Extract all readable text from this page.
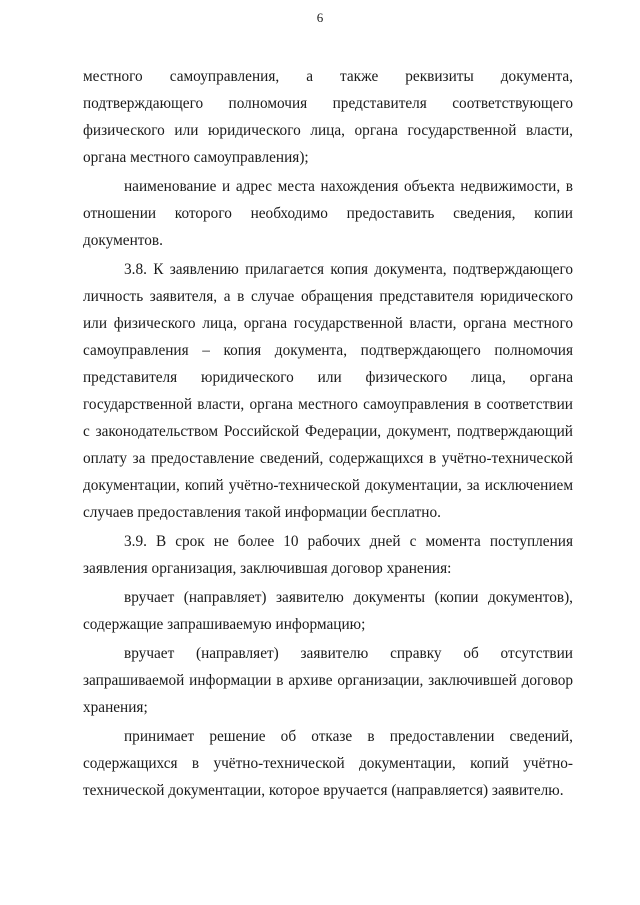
6

местного самоуправления, а также реквизиты документа, подтверждающего полномочия представителя соответствующего физического или юридического лица, органа государственной власти, органа местного самоуправления);

наименование и адрес места нахождения объекта недвижимости, в отношении которого необходимо предоставить сведения, копии документов.

3.8. К заявлению прилагается копия документа, подтверждающего личность заявителя, а в случае обращения представителя юридического или физического лица, органа государственной власти, органа местного самоуправления – копия документа, подтверждающего полномочия представителя юридического или физического лица, органа государственной власти, органа местного самоуправления в соответствии с законодательством Российской Федерации, документ, подтверждающий оплату за предоставление сведений, содержащихся в учётно-технической документации, копий учётно-технической документации, за исключением случаев предоставления такой информации бесплатно.

3.9. В срок не более 10 рабочих дней с момента поступления заявления организация, заключившая договор хранения:

вручает (направляет) заявителю документы (копии документов), содержащие запрашиваемую информацию;

вручает (направляет) заявителю справку об отсутствии запрашиваемой информации в архиве организации, заключившей договор хранения;

принимает решение об отказе в предоставлении сведений, содержащихся в учётно-технической документации, копий учётно-технической документации, которое вручается (направляется) заявителю.
